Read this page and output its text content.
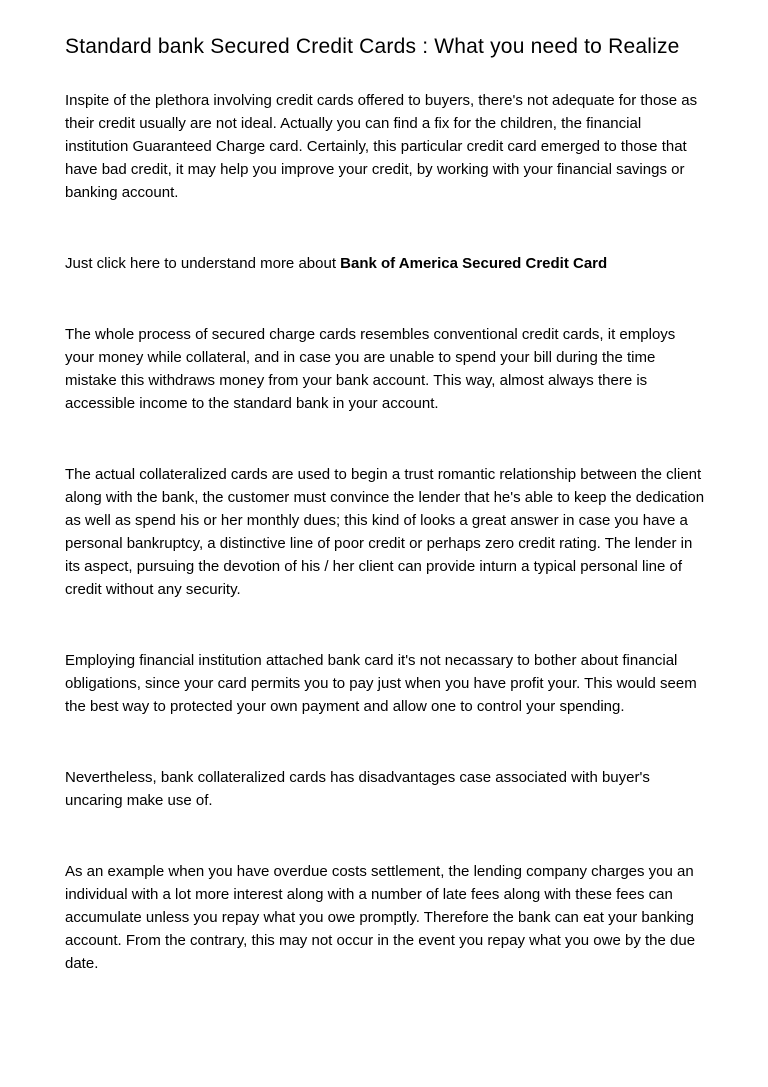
Standard bank Secured Credit Cards : What you need to Realize

Inspite of the plethora involving credit cards offered to buyers, there's not adequate for those as their credit usually are not ideal. Actually you can find a fix for the children, the financial institution Guaranteed Charge card. Certainly, this particular credit card emerged to those that have bad credit, it may help you improve your credit, by working with your financial savings or banking account.

Just click here to understand more about Bank of America Secured Credit Card

The whole process of secured charge cards resembles conventional credit cards, it employs your money while collateral, and in case you are unable to spend your bill during the time mistake this withdraws money from your bank account. This way, almost always there is accessible income to the standard bank in your account.

The actual collateralized cards are used to begin a trust romantic relationship between the client along with the bank, the customer must convince the lender that he's able to keep the dedication as well as spend his or her monthly dues; this kind of looks a great answer in case you have a personal bankruptcy, a distinctive line of poor credit or perhaps zero credit rating. The lender in its aspect, pursuing the devotion of his / her client can provide inturn a typical personal line of credit without any security.

Employing financial institution attached bank card it's not necassary to bother about financial obligations, since your card permits you to pay just when you have profit your. This would seem the best way to protected your own payment and allow one to control your spending.

Nevertheless, bank collateralized cards has disadvantages case associated with buyer's uncaring make use of.

As an example when you have overdue costs settlement, the lending company charges you an individual with a lot more interest along with a number of late fees along with these fees can accumulate unless you repay what you owe promptly. Therefore the bank can eat your banking account. From the contrary, this may not occur in the event you repay what you owe by the due date.
